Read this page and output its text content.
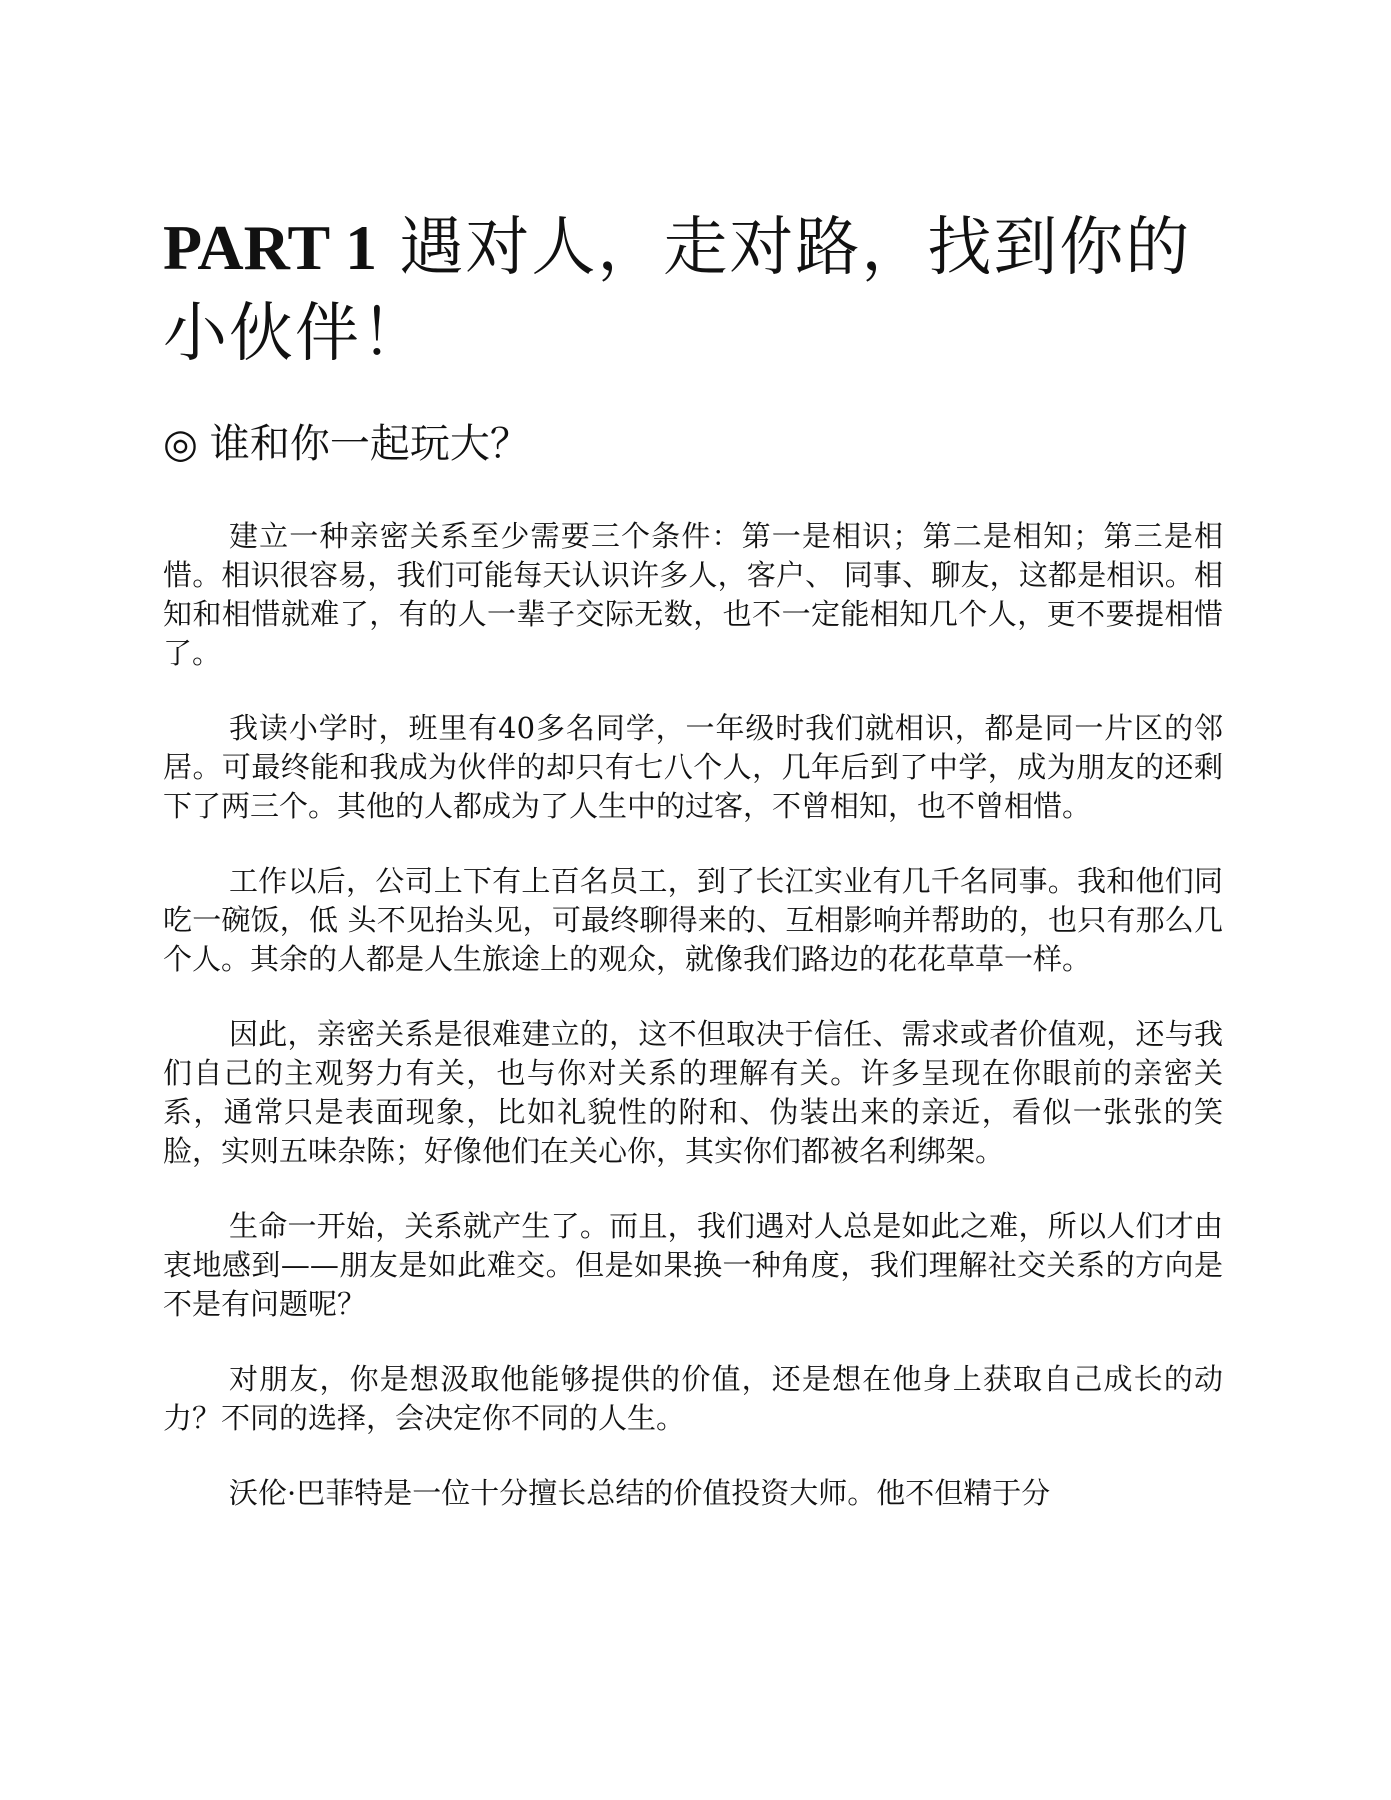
PART 1 遇对人，走对路，找到你的小伙伴！
◎ 谁和你一起玩大？

建立一种亲密关系至少需要三个条件：第一是相识；第二是相知；第三是相惜。相识很容易，我们可能每天认识许多人，客户、 同事、聊友，这都是相识。相知和相惜就难了，有的人一辈子交际无数，也不一定能相知几个人，更不要提相惜了。

我读小学时，班里有40多名同学，一年级时我们就相识，都是同一片区的邻居。可最终能和我成为伙伴的却只有七八个人，几年后到了中学，成为朋友的还剩下了两三个。其他的人都成为了人生中的过客，不曾相知，也不曾相惜。

工作以后，公司上下有上百名员工，到了长江实业有几千名同事。我和他们同吃一碗饭，低 头不见抬头见，可最终聊得来的、互相影响并帮助的，也只有那么几个人。其余的人都是人生旅途上的观众，就像我们路边的花花草草一样。

因此，亲密关系是很难建立的，这不但取决于信任、需求或者价值观，还与我们自己的主观努力有关，也与你对关系的理解有关。许多呈现在你眼前的亲密关系，通常只是表面现象，比如礼貌性的附和、伪装出来的亲近，看似一张张的笑脸，实则五味杂陈；好像他们在关心你，其实你们都被名利绑架。

生命一开始，关系就产生了。而且，我们遇对人总是如此之难，所以人们才由衷地感到——朋友是如此难交。但是如果换一种角度，我们理解社交关系的方向是不是有问题呢？

对朋友，你是想汲取他能够提供的价值，还是想在他身上获取自己成长的动力？不同的选择，会决定你不同的人生。

沃伦·巴菲特是一位十分擅长总结的价值投资大师。他不但精于分
